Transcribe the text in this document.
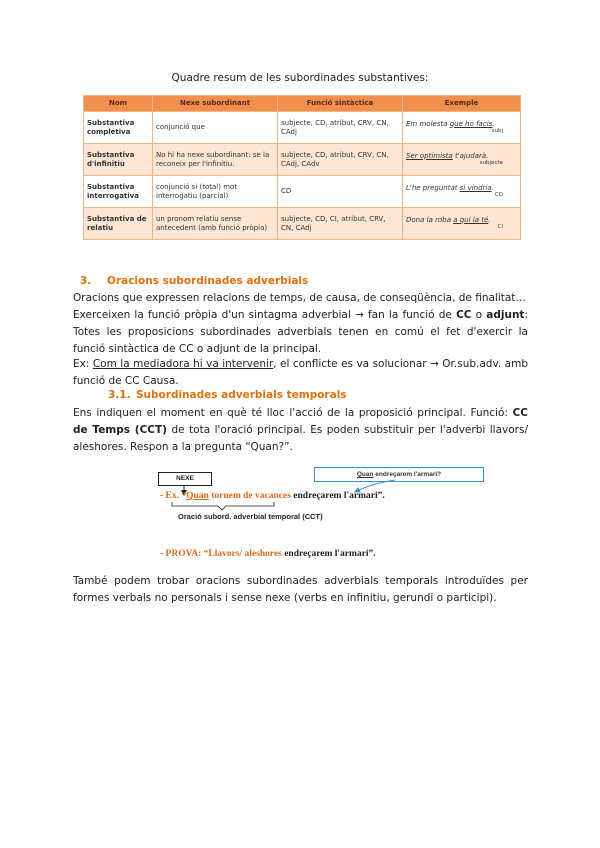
Quadre resum de les subordinades substantives:
Nom	Nexe subordinant	Funció sintàctica	Exemple
Substantiva completiva	conjunció que	subjecte, CD, atribut, CRV, CN, CAdj	Em molesta que ho facis.
subj

Substantiva d'infinitiu	No hi ha nexe subordinant: se la reconeix per l'infinitiu.	subjecte, CD, atribut, CRV, CN, CAdj, CAdv	Ser optimista t'ajudarà.
subjecte

Substantiva interrogativa	conjunció si (total) mot interrogatiu (parcial)	CD	L'he preguntat si vindria.
CD

Substantiva de relatiu	un pronom relatiu sense antecedent (amb funció pròpia)	subjecte, CD, CI, atribut, CRV, CN, CAdj	Dona la roba a qui la té.
CI
3. Oracions subordinades adverbials
Oracions que expressen relacions de temps, de causa, de conseqüència, de finalitat…
Exerceixen la funció pròpia d'un sintagma adverbial → fan la funció de CC o adjunt: Totes les proposicions subordinades adverbials tenen en comú el fet d'exercir la funció sintàctica de CC o adjunt de la principal.
Ex: Com la mediadora hi va intervenir, el conflicte es va solucionar → Or.sub.adv. amb funció de CC Causa.
3.1. Subordinades adverbials temporals
Ens indiquen el moment en què té lloc l'acció de la proposició principal. Funció: CC de Temps (CCT) de tota l'oració principal. Es poden substituir per l'adverbi llavors/ aleshores. Respon a la pregunta “Quan?”.
NEXE
Quan endreçarem l'armari?
- Ex. “Quan tornem de vacances endreçarem l'armari”.
Oració subord. adverbial temporal (CCT)
- PROVA: “Llavors/ aleshores endreçarem l'armari”.
També podem trobar oracions subordinades adverbials temporals introduïdes per formes verbals no personals i sense nexe (verbs en infinitiu, gerundi o participi).
